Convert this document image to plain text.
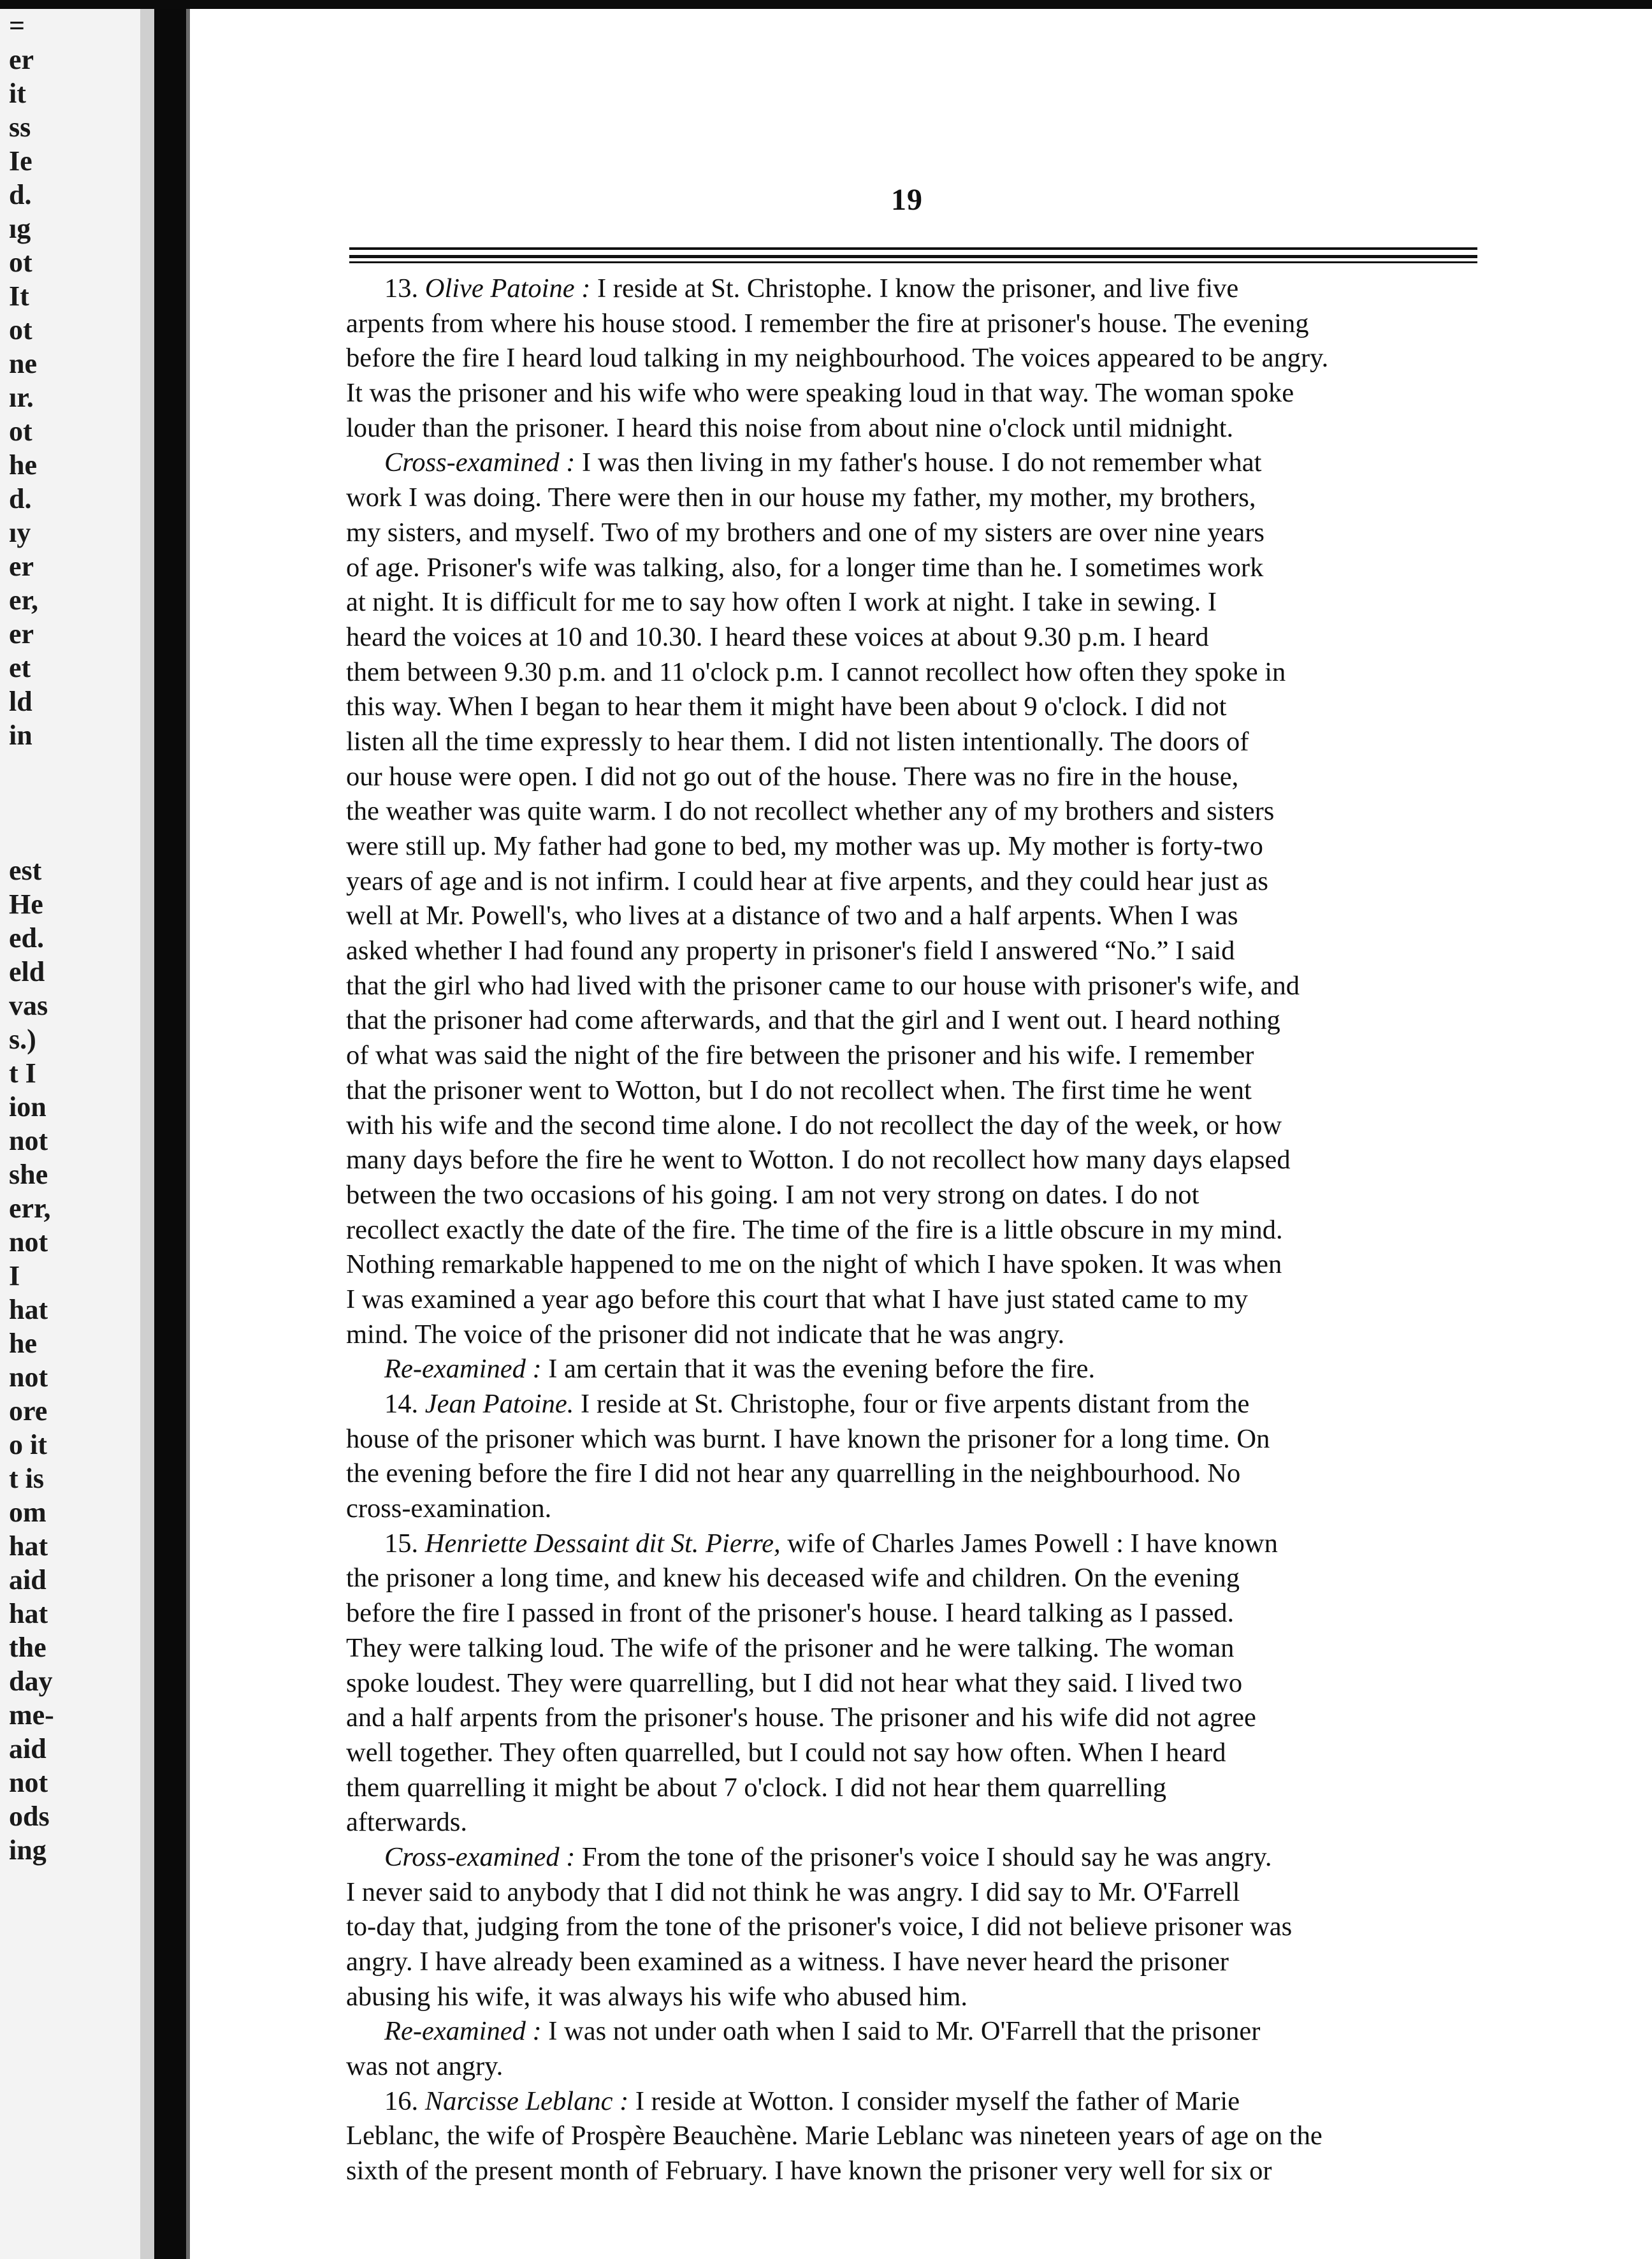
=
er
it
ss
Ie
d.
ıg
ot
It
ot
ne
ır.
ot
he
d.
ıy
er
er,
er
et
ld
in
est
He
ed.
eld
vas
s.)
t I
ion
not
she
err,
not
I
hat
he
not
ore
o it
t is
om
hat
aid
hat
the
day
me-
aid
not
ods
ing
19
13. Olive Patoine : I reside at St. Christophe. I know the prisoner, and live five
arpents from where his house stood. I remember the fire at prisoner's house. The evening
before the fire I heard loud talking in my neighbourhood. The voices appeared to be angry.
It was the prisoner and his wife who were speaking loud in that way. The woman spoke
louder than the prisoner. I heard this noise from about nine o'clock until midnight.
Cross-examined : I was then living in my father's house. I do not remember what
work I was doing. There were then in our house my father, my mother, my brothers,
my sisters, and myself. Two of my brothers and one of my sisters are over nine years
of age. Prisoner's wife was talking, also, for a longer time than he. I sometimes work
at night. It is difficult for me to say how often I work at night. I take in sewing. I
heard the voices at 10 and 10.30. I heard these voices at about 9.30 p.m. I heard
them between 9.30 p.m. and 11 o'clock p.m. I cannot recollect how often they spoke in
this way. When I began to hear them it might have been about 9 o'clock. I did not
listen all the time expressly to hear them. I did not listen intentionally. The doors of
our house were open. I did not go out of the house. There was no fire in the house,
the weather was quite warm. I do not recollect whether any of my brothers and sisters
were still up. My father had gone to bed, my mother was up. My mother is forty-two
years of age and is not infirm. I could hear at five arpents, and they could hear just as
well at Mr. Powell's, who lives at a distance of two and a half arpents. When I was
asked whether I had found any property in prisoner's field I answered “No.” I said
that the girl who had lived with the prisoner came to our house with prisoner's wife, and
that the prisoner had come afterwards, and that the girl and I went out. I heard nothing
of what was said the night of the fire between the prisoner and his wife. I remember
that the prisoner went to Wotton, but I do not recollect when. The first time he went
with his wife and the second time alone. I do not recollect the day of the week, or how
many days before the fire he went to Wotton. I do not recollect how many days elapsed
between the two occasions of his going. I am not very strong on dates. I do not
recollect exactly the date of the fire. The time of the fire is a little obscure in my mind.
Nothing remarkable happened to me on the night of which I have spoken. It was when
I was examined a year ago before this court that what I have just stated came to my
mind. The voice of the prisoner did not indicate that he was angry.
Re-examined : I am certain that it was the evening before the fire.
14. Jean Patoine. I reside at St. Christophe, four or five arpents distant from the
house of the prisoner which was burnt. I have known the prisoner for a long time. On
the evening before the fire I did not hear any quarrelling in the neighbourhood. No
cross-examination.
15. Henriette Dessaint dit St. Pierre, wife of Charles James Powell : I have known
the prisoner a long time, and knew his deceased wife and children. On the evening
before the fire I passed in front of the prisoner's house. I heard talking as I passed.
They were talking loud. The wife of the prisoner and he were talking. The woman
spoke loudest. They were quarrelling, but I did not hear what they said. I lived two
and a half arpents from the prisoner's house. The prisoner and his wife did not agree
well together. They often quarrelled, but I could not say how often. When I heard
them quarrelling it might be about 7 o'clock. I did not hear them quarrelling
afterwards.
Cross-examined : From the tone of the prisoner's voice I should say he was angry.
I never said to anybody that I did not think he was angry. I did say to Mr. O'Farrell
to-day that, judging from the tone of the prisoner's voice, I did not believe prisoner was
angry. I have already been examined as a witness. I have never heard the prisoner
abusing his wife, it was always his wife who abused him.
Re-examined : I was not under oath when I said to Mr. O'Farrell that the prisoner
was not angry.
16. Narcisse Leblanc : I reside at Wotton. I consider myself the father of Marie
Leblanc, the wife of Prospère Beauchène. Marie Leblanc was nineteen years of age on the
sixth of the present month of February. I have known the prisoner very well for six or
